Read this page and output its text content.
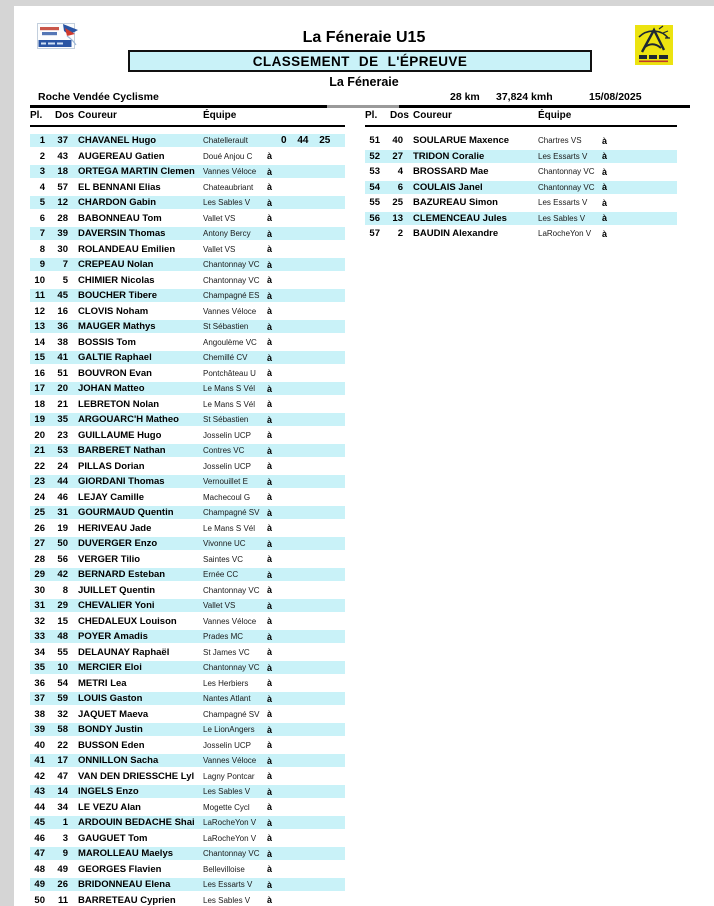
La Féneraie U15
CLASSEMENT DE L'ÉPREUVE
La Féneraie
Roche Vendée Cyclisme	28 km 37,824 kmh	15/08/2025
Pl. Dos Coureur	Équipe	Pl. Dos Coureur	Équipe
1	37	CHAVANEL Hugo	Chatellerault	0 44 25
2	43	AUGEREAU Gatien	Doué Anjou C	à
3	18	ORTEGA MARTIN Clemen	Vannes Véloce	à
4	57	EL BENNANI Elias	Chateaubriant	à
5	12	CHARDON Gabin	Les Sables V	à
6	28	BABONNEAU Tom	Vallet VS	à
7	39	DAVERSIN Thomas	Antony Bercy	à
8	30	ROLANDEAU Emilien	Vallet VS	à
9	7	CREPEAU Nolan	Chantonnay VC à
10	5	CHIMIER Nicolas	Chantonnay VC à
11	45	BOUCHER Tibere	Champagné ES à
12	16	CLOVIS Noham	Vannes Véloce	à
13	36	MAUGER Mathys	St Sébastien	à
14	38	BOSSIS Tom	Angoulème VC	à
15	41	GALTIE Raphael	Chemillé CV	à
16	51	BOUVRON Evan	Pontchâteau U	à
17	20	JOHAN Matteo	Le Mans S Vél	à
18	21	LEBRETON Nolan	Le Mans S Vél	à
19	35	ARGOUARC'H Matheo	St Sébastien	à
20	23	GUILLAUME Hugo	Josselin UCP	à
21	53	BARBERET Nathan	Contres VC	à
22	24	PILLAS Dorian	Josselin UCP	à
23	44	GIORDANI Thomas	Vernouillet E	à
24	46	LEJAY Camille	Machecoul G	à
25	31	GOURMAUD Quentin	Champagné SV à
26	19	HERIVEAU Jade	Le Mans S Vél	à
27	50	DUVERGER Enzo	Vivonne UC	à
28	56	VERGER Tilio	Saintes VC	à
29	42	BERNARD Esteban	Ernée CC	à
30	8	JUILLET Quentin	Chantonnay VC à
31	29	CHEVALIER Yoni	Vallet VS	à
32	15	CHEDALEUX Louison	Vannes Véloce	à
33	48	POYER Amadis	Prades MC	à
34	55	DELAUNAY Raphaël	St James VC	à
35	10	MERCIER Eloi	Chantonnay VC à
36	54	METRI Lea	Les Herbiers	à
37	59	LOUIS Gaston	Nantes Atlant	à
38	32	JAQUET Maeva	Champagné SV à
39	58	BONDY Justin	Le LionAngers	à
40	22	BUSSON Eden	Josselin UCP	à
41	17	ONNILLON Sacha	Vannes Véloce	à
42	47	VAN DEN DRIESSCHE Lyl	Lagny Pontcar	à
43	14	INGELS Enzo	Les Sables V	à
44	34	LE VEZU Alan	Mogette Cycl	à
45	1	ARDOUIN BEDACHE Shai	LaRocheYon V	à
46	3	GAUGUET Tom	LaRocheYon V	à
47	9	MAROLLEAU Maelys	Chantonnay VC à
48	49	GEORGES Flavien	Bellevilloise	à
49	26	BRIDONNEAU Elena	Les Essarts V	à
50	11	BARRETEAU Cyprien	Les Sables V	à
51	40	SOULARUE Maxence	Chartres VS	à
52	27	TRIDON Coralie	Les Essarts V	à
53	4	BROSSARD Mae	Chantonnay VC à
54	6	COULAIS Janel	Chantonnay VC à
55	25	BAZUREAU Simon	Les Essarts V	à
56	13	CLEMENCEAU Jules	Les Sables V	à
57	2	BAUDIN Alexandre	LaRocheYon V	à
